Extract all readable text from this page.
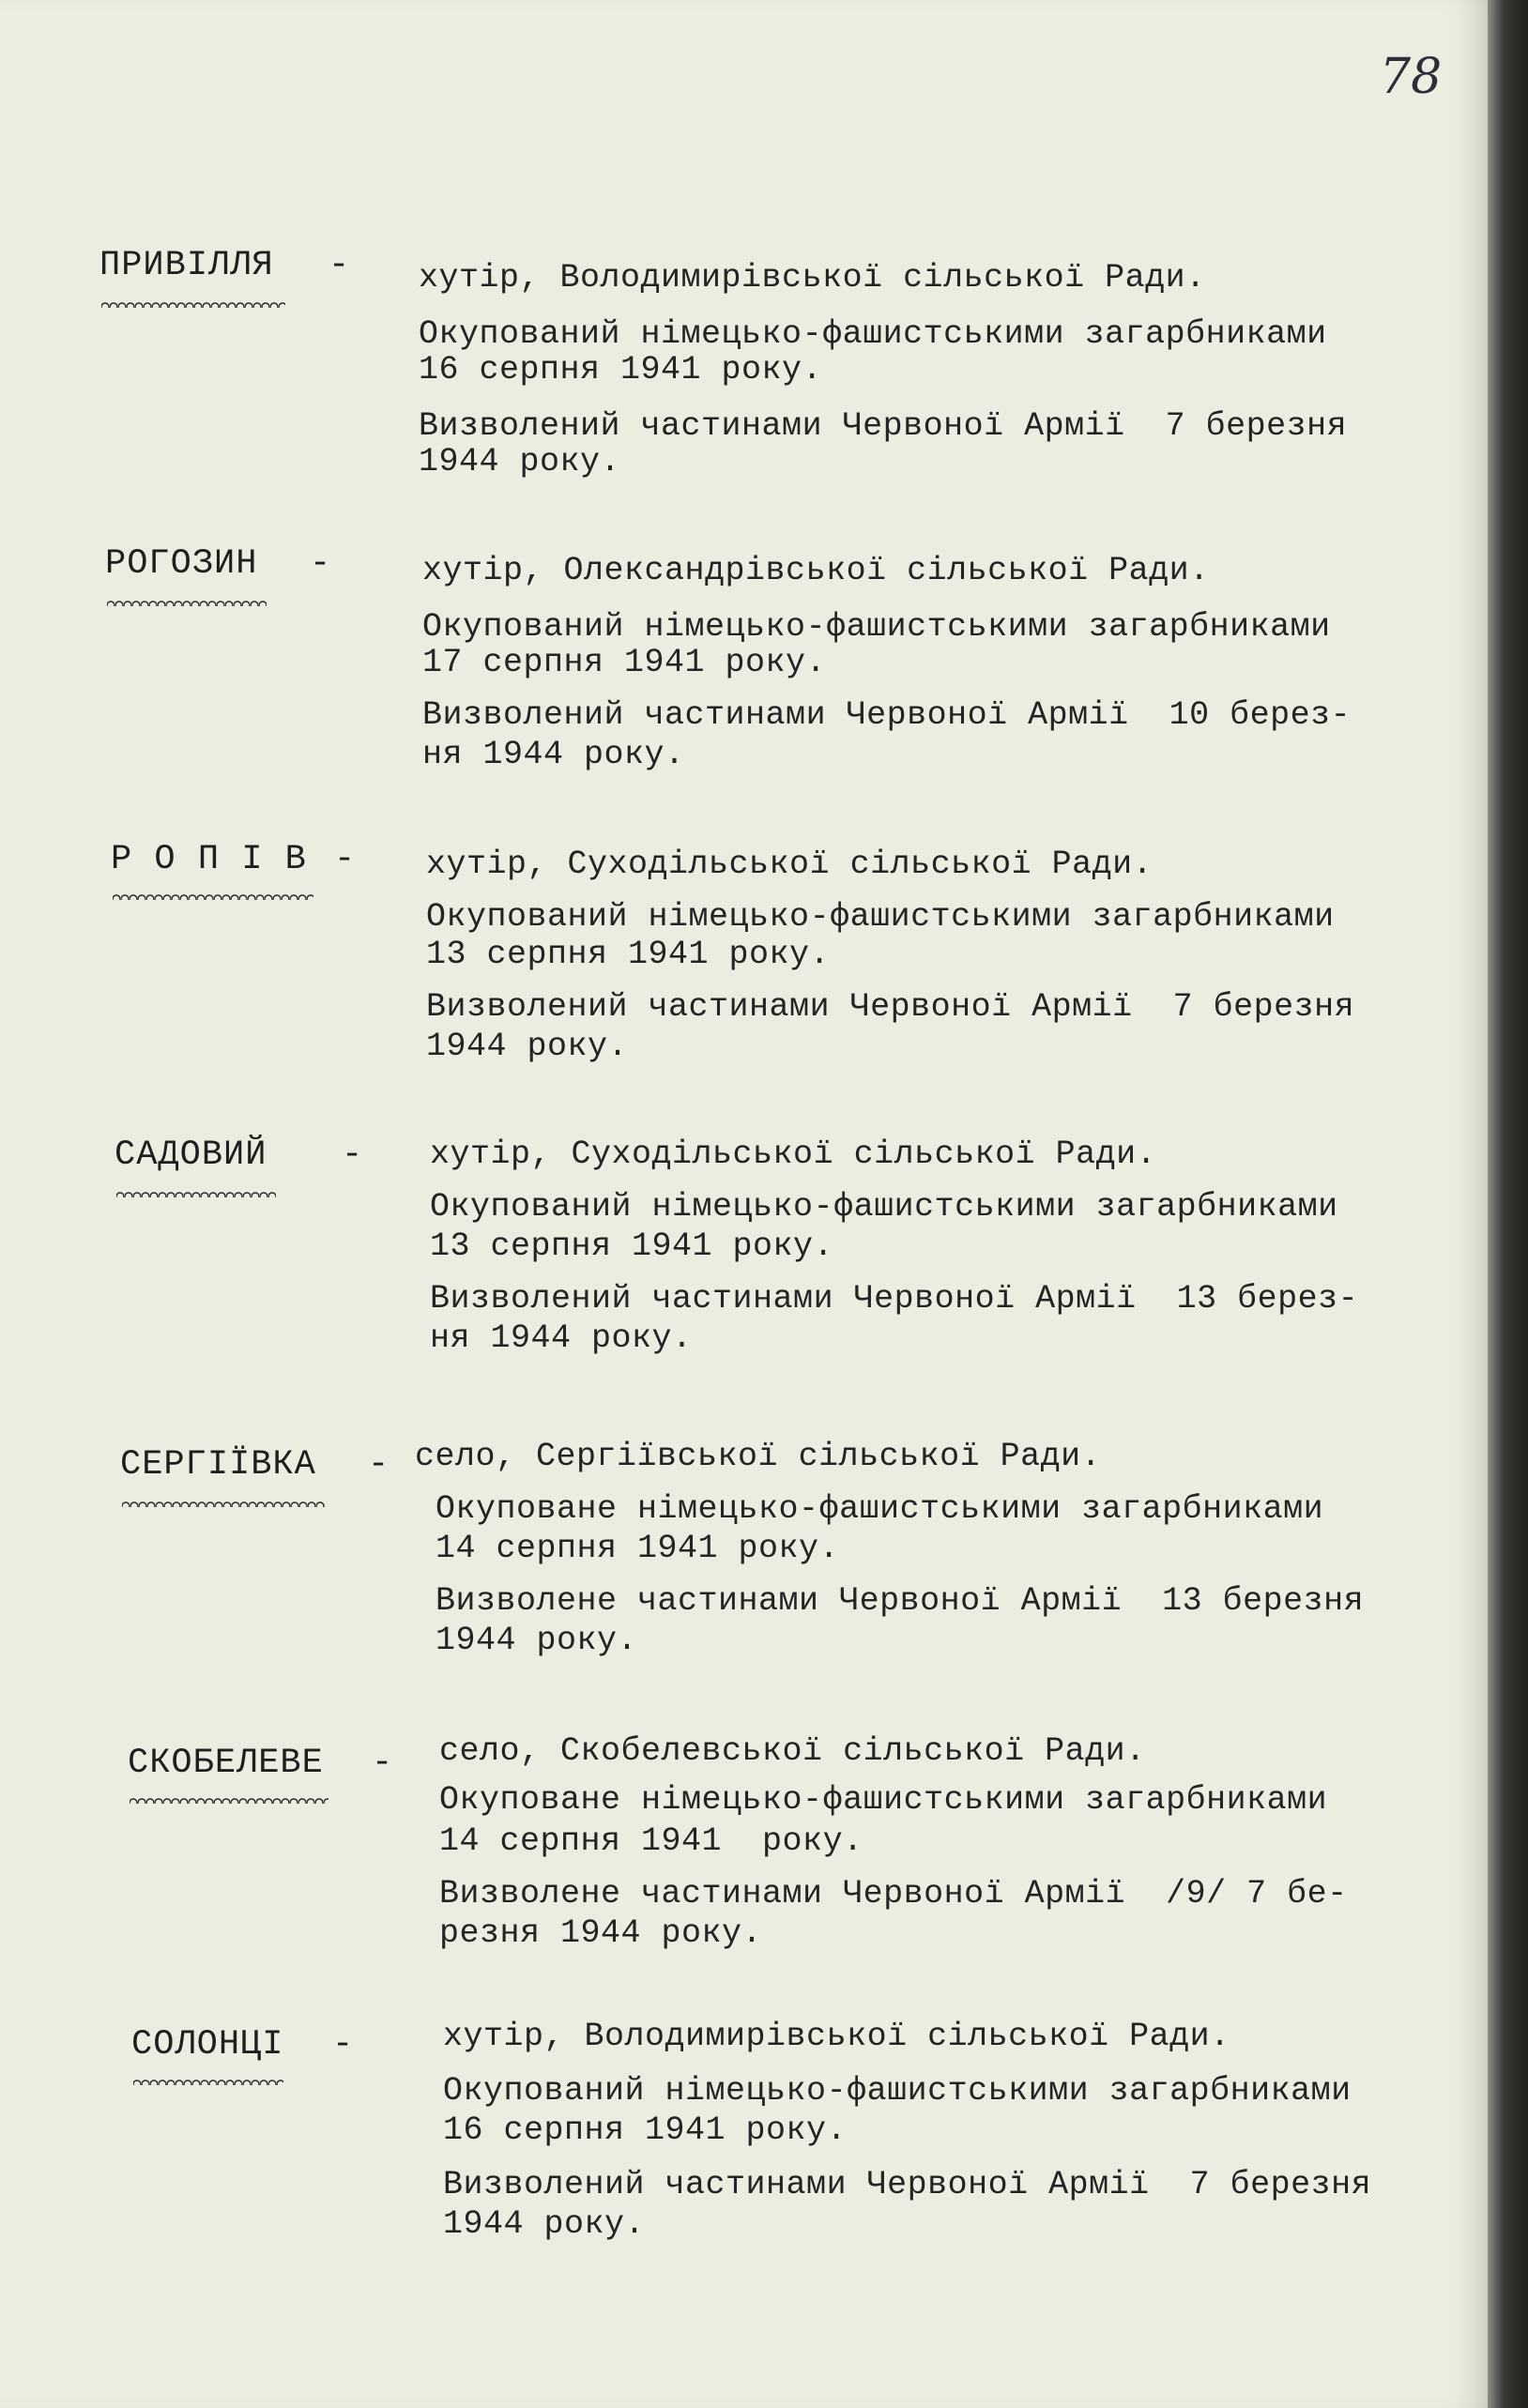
78
ПРИВІЛЛЯ - хутір, Володимирівської сільської Ради.
Окупований німецько-фашистськими загарбниками
16 серпня 1941 року.
Визволений частинами Червоної Армії  7 березня
1944 року.
РОГОЗИН -	хутір, Олександрівської сільської Ради.
Окупований німецько-фашистськими загарбниками
17 серпня 1941 року.
Визволений частинами Червоної Армії  10 берез-
ня 1944 року.
Р О П І В - хутір, Суходільської сільської Ради.
Окупований німецько-фашистськими загарбниками
13 серпня 1941 року.
Визволений частинами Червоної Армії  7 березня
1944 року.
САДОВИЙ - хутір, Суходільської сільської Ради.
Окупований німецько-фашистськими загарбниками
13 серпня 1941 року.
Визволений частинами Червоної Армії  13 берез-
ня 1944 року.
СЕРГІЇВКА - село, Сергіївської сільської Ради.
Окуповане німецько-фашистськими загарбниками
14 серпня 1941 року.
Визволене частинами Червоної Армії  13 березня
1944 року.
СКОБЕЛЕВЕ - село, Скобелевської сільської Ради.
Окуповане німецько-фашистськими загарбниками
14 серпня 1941  року.
Визволене частинами Червоної Армії  /9/ 7 бе-
резня 1944 року.
СОЛОНЦІ -	хутір, Володимирівської сільської Ради.
Окупований німецько-фашистськими загарбниками
16 серпня 1941 року.
Визволений частинами Червоної Армії  7 березня
1944 року.
